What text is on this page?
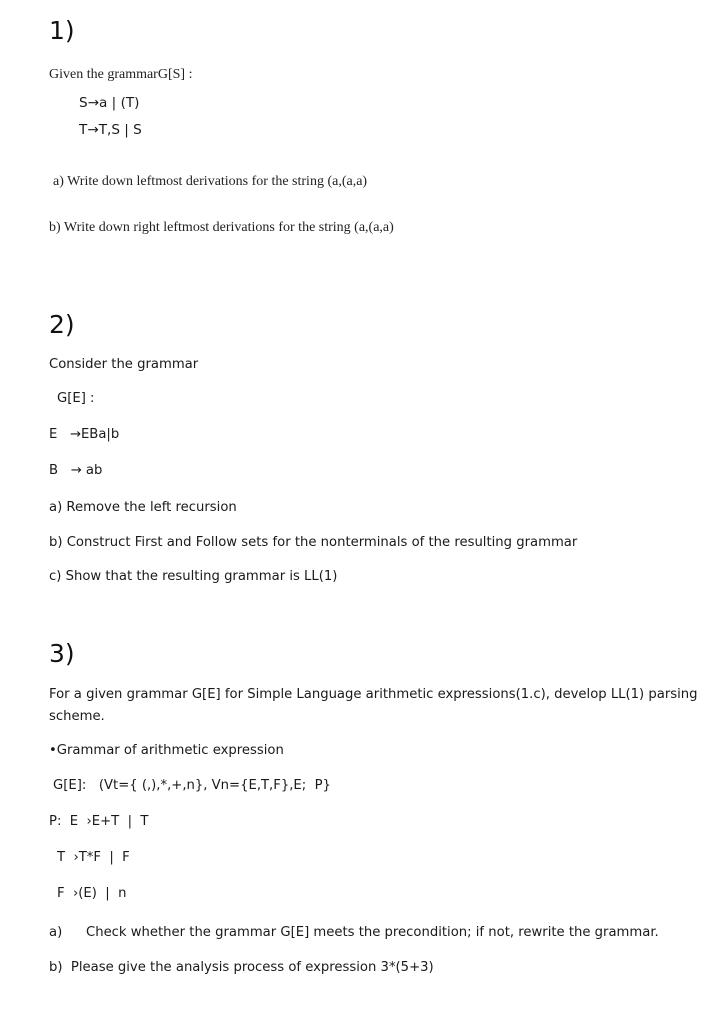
1)
Given the grammarG[S] :
S→a | (T)
T→T,S | S
a) Write down leftmost derivations for the string (a,(a,a)
b) Write down right leftmost derivations for the string (a,(a,a)
2)
Consider the grammar
G[E] :
E   →EBa|b
B   → ab
a) Remove the left recursion
b) Construct First and Follow sets for the nonterminals of the resulting grammar
c) Show that the resulting grammar is LL(1)
3)
For a given grammar G[E] for Simple Language arithmetic expressions(1.c), develop LL(1) parsing scheme.
•Grammar of arithmetic expression
G[E]:   (Vt={ (,),*,+,n}, Vn={E,T,F},E;  P}
P:  E  ›E+T  |  T
T  ›T*F  |  F
F  ›(E)  |  n
a) Check whether the grammar G[E] meets the precondition; if not, rewrite the grammar.
b)  Please give the analysis process of expression 3*(5+3)
